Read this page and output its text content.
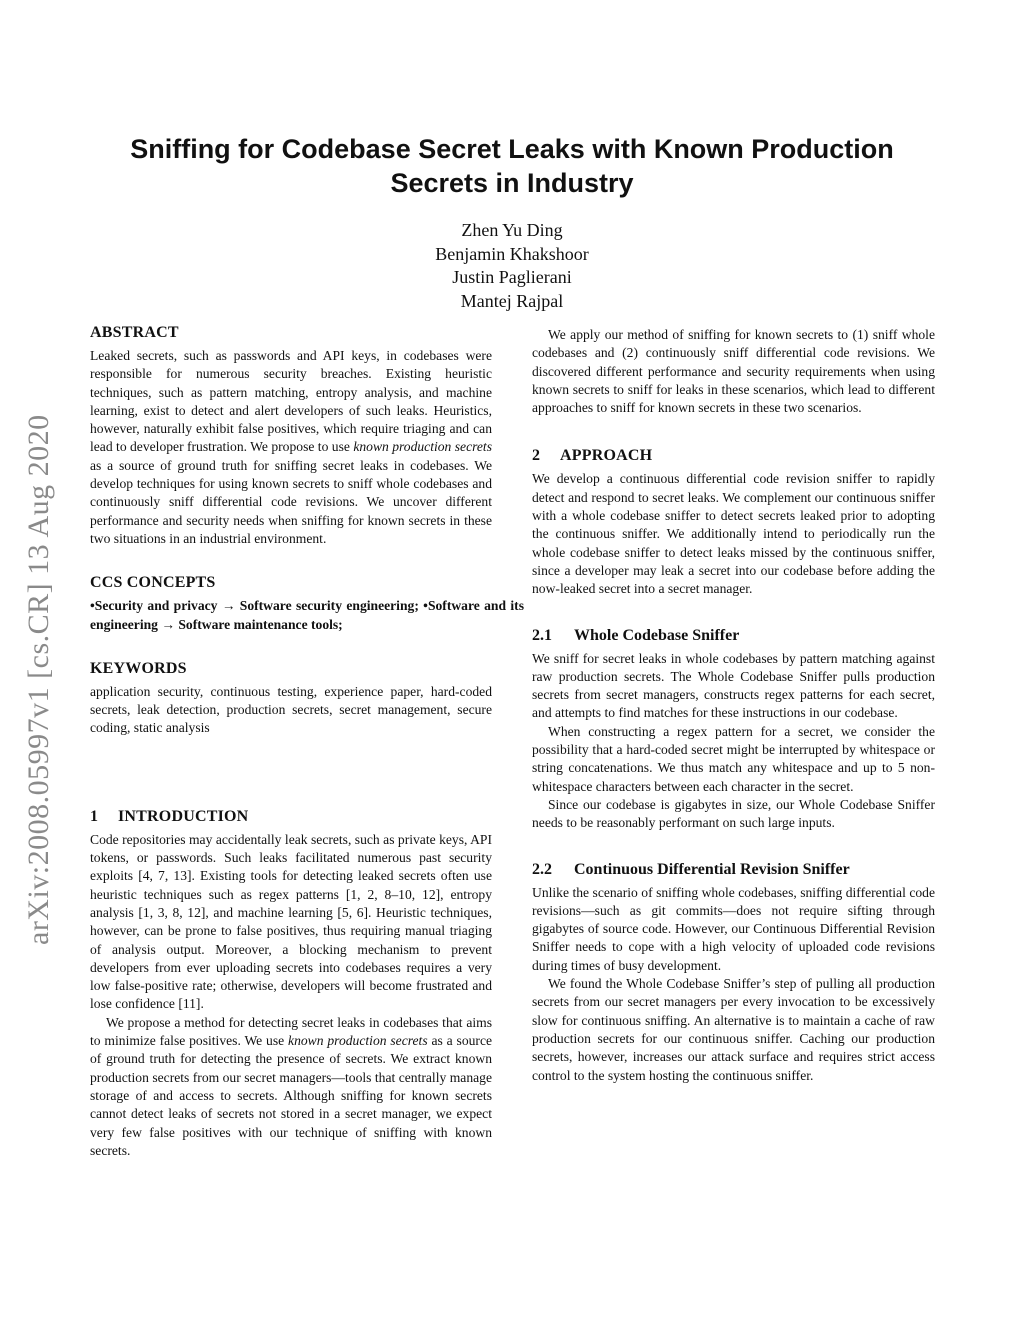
arXiv:2008.05997v1 [cs.CR] 13 Aug 2020
Sniffing for Codebase Secret Leaks with Known Production
Secrets in Industry
Zhen Yu Ding
Benjamin Khakshoor
Justin Paglierani
Mantej Rajpal
ABSTRACT

Leaked secrets, such as passwords and API keys, in codebases were responsible for numerous security breaches. Existing heuristic techniques, such as pattern matching, entropy analysis, and machine learning, exist to detect and alert developers of such leaks. Heuristics, however, naturally exhibit false positives, which require triaging and can lead to developer frustration. We propose to use known production secrets as a source of ground truth for sniffing secret leaks in codebases. We develop techniques for using known secrets to sniff whole codebases and continuously sniff differential code revisions. We uncover different performance and security needs when sniffing for known secrets in these two situations in an industrial environment.

CCS CONCEPTS

•Security and privacy → Software security engineering; •Software and its engineering → Software maintenance tools;

KEYWORDS

application security, continuous testing, experience paper, hard-coded secrets, leak detection, production secrets, secret management, secure coding, static analysis

1 INTRODUCTION

Code repositories may accidentally leak secrets, such as private keys, API tokens, or passwords. Such leaks facilitated numerous past security exploits [4, 7, 13]. Existing tools for detecting leaked secrets often use heuristic techniques such as regex patterns [1, 2, 8–10, 12], entropy analysis [1, 3, 8, 12], and machine learning [5, 6]. Heuristic techniques, however, can be prone to false positives, thus requiring manual triaging of analysis output. Moreover, a blocking mechanism to prevent developers from ever uploading secrets into codebases requires a very low false-positive rate; otherwise, developers will become frustrated and lose confidence [11].

We propose a method for detecting secret leaks in codebases that aims to minimize false positives. We use known production secrets as a source of ground truth for detecting the presence of secrets. We extract known production secrets from our secret managers—tools that centrally manage storage of and access to secrets. Although sniffing for known secrets cannot detect leaks of secrets not stored in a secret manager, we expect very few false positives with our technique of sniffing with known secrets.

We apply our method of sniffing for known secrets to (1) sniff whole codebases and (2) continuously sniff differential code revisions. We discovered different performance and security requirements when using known secrets to sniff for leaks in these scenarios, which lead to different approaches to sniff for known secrets in these two scenarios.

2 APPROACH

We develop a continuous differential code revision sniffer to rapidly detect and respond to secret leaks. We complement our continuous sniffer with a whole codebase sniffer to detect secrets leaked prior to adopting the continuous sniffer. We additionally intend to periodically run the whole codebase sniffer to detect leaks missed by the continuous sniffer, since a developer may leak a secret into our codebase before adding the now-leaked secret into a secret manager.

2.1 Whole Codebase Sniffer

We sniff for secret leaks in whole codebases by pattern matching against raw production secrets. The Whole Codebase Sniffer pulls production secrets from secret managers, constructs regex patterns for each secret, and attempts to find matches for these instructions in our codebase.

When constructing a regex pattern for a secret, we consider the possibility that a hard-coded secret might be interrupted by whitespace or string concatenations. We thus match any whitespace and up to 5 non-whitespace characters between each character in the secret.

Since our codebase is gigabytes in size, our Whole Codebase Sniffer needs to be reasonably performant on such large inputs.

2.2 Continuous Differential Revision Sniffer

Unlike the scenario of sniffing whole codebases, sniffing differential code revisions—such as git commits—does not require sifting through gigabytes of source code. However, our Continuous Differential Revision Sniffer needs to cope with a high velocity of uploaded code revisions during times of busy development.

We found the Whole Codebase Sniffer’s step of pulling all production secrets from our secret managers per every invocation to be excessively slow for continuous sniffing. An alternative is to maintain a cache of raw production secrets for our continuous sniffer. Caching our production secrets, however, increases our attack surface and requires strict access control to the system hosting the continuous sniffer.
